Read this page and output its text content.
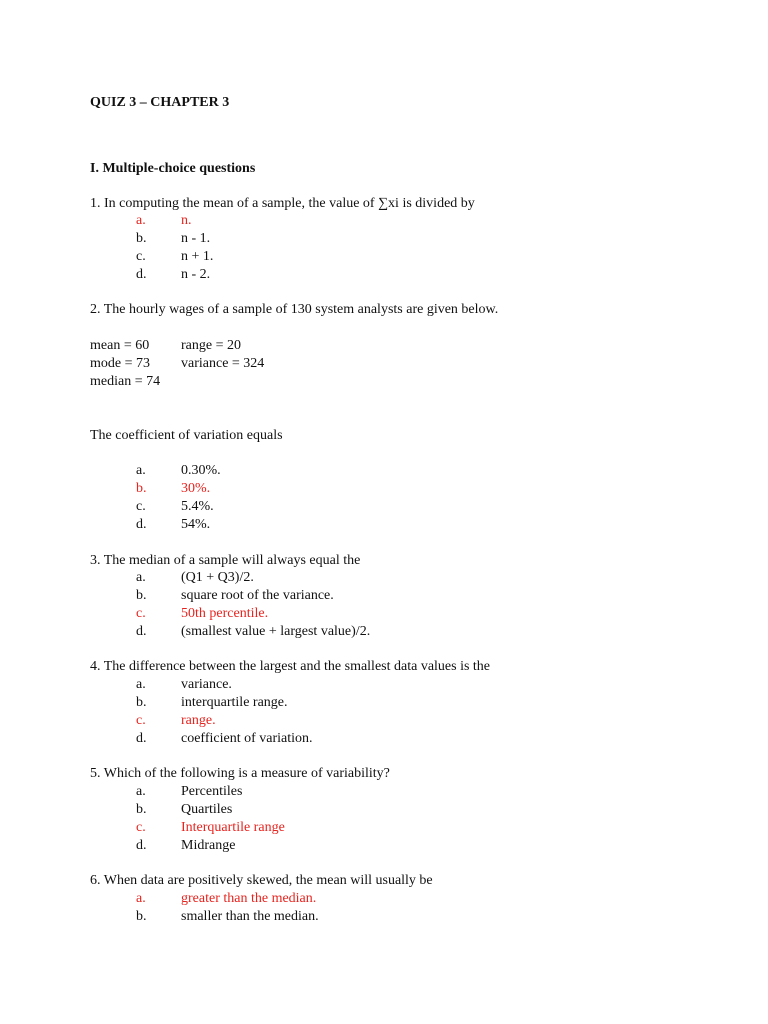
QUIZ 3 – CHAPTER 3
I. Multiple-choice questions
1. In computing the mean of a sample, the value of ∑xi is divided by
a.	n.
b. n - 1.
c.	n + 1.
d. n - 2.
2. The hourly wages of a sample of 130 system analysts are given below.
mean = 60 range = 20
mode = 73 variance = 324
median = 74
The coefficient of variation equals
a.	0.30%.
b. 30%.
c.	5.4%.
d. 54%.
3. The median of a sample will always equal the
a.	(Q1 + Q3)/2.
b. square root of the variance.
c.	50th percentile.
d. (smallest value + largest value)/2.
4. The difference between the largest and the smallest data values is the
a.	variance.
b. interquartile range.
c.	range.
d. coefficient of variation.
5. Which of the following is a measure of variability?
a.	Percentiles
b. Quartiles
c.	Interquartile range
d. Midrange
6. When data are positively skewed, the mean will usually be
a.	greater than the median.
b. smaller than the median.
